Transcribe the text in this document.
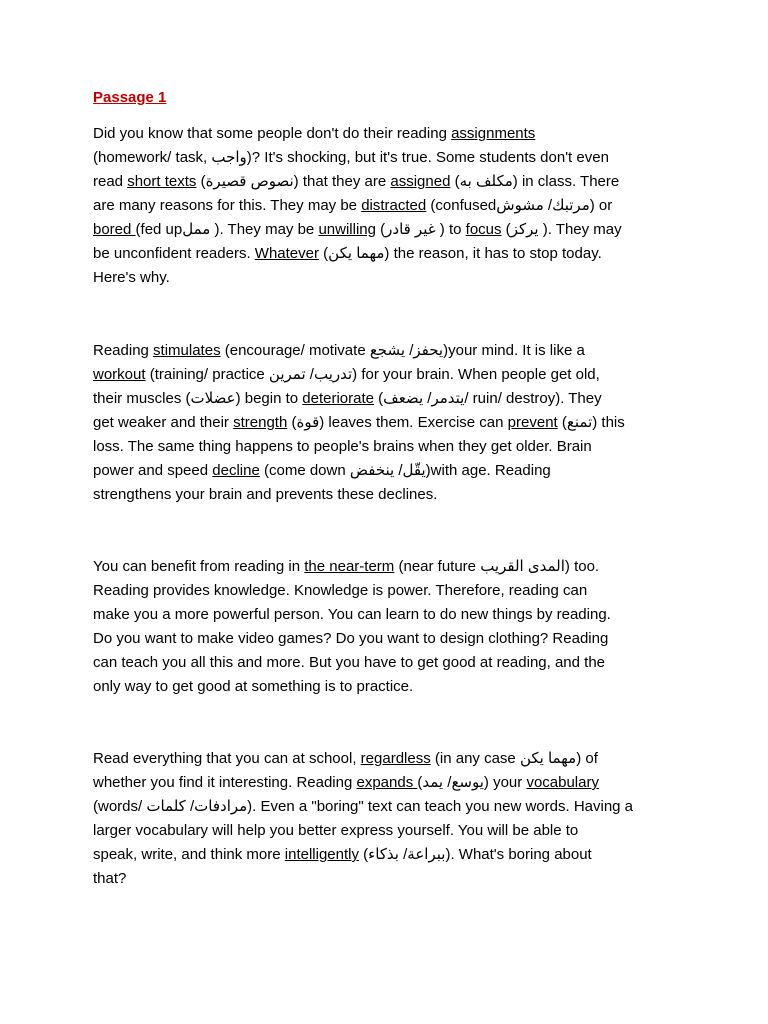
Passage 1
Did you know that some people don't do their reading assignments
(homework/ task, واجب)? It's shocking, but it's true. Some students don't even
read short texts (نصوص قصيرة) that they are assigned (مكلف به) in class. There
are many reasons for this. They may be distracted (confusedمرتبك/ مشوش) or
bored (fed upممل ). They may be unwilling (غير قادر ) to focus (يركز ). They may
be unconfident readers. Whatever (مهما يكن) the reason, it has to stop today.
Here's why.
Reading stimulates (encourage/ motivate يحفز/ يشجع)your mind. It is like a
workout (training/ practice تدريب/ تمرين) for your brain. When people get old,
their muscles (عضلات) begin to deteriorate (يتدمر/ يضعف/ ruin/ destroy). They
get weaker and their strength (قوة) leaves them. Exercise can prevent (تمنع) this
loss. The same thing happens to people's brains when they get older. Brain
power and speed decline (come down يقّل/ ينخفض)with age. Reading
strengthens your brain and prevents these declines.
You can benefit from reading in the near-term (near future المدى القريب) too.
Reading provides knowledge. Knowledge is power. Therefore, reading can
make you a more powerful person. You can learn to do new things by reading.
Do you want to make video games? Do you want to design clothing? Reading
can teach you all this and more. But you have to get good at reading, and the
only way to get good at something is to practice.
Read everything that you can at school, regardless (in any case مهما يكن) of
whether you find it interesting. Reading expands (يوسع/ يمد) your vocabulary
(words/ مرادفات/ كلمات). Even a "boring" text can teach you new words. Having a
larger vocabulary will help you better express yourself. You will be able to
speak, write, and think more intelligently (ببراعة/ بذكاء). What's boring about
that?
